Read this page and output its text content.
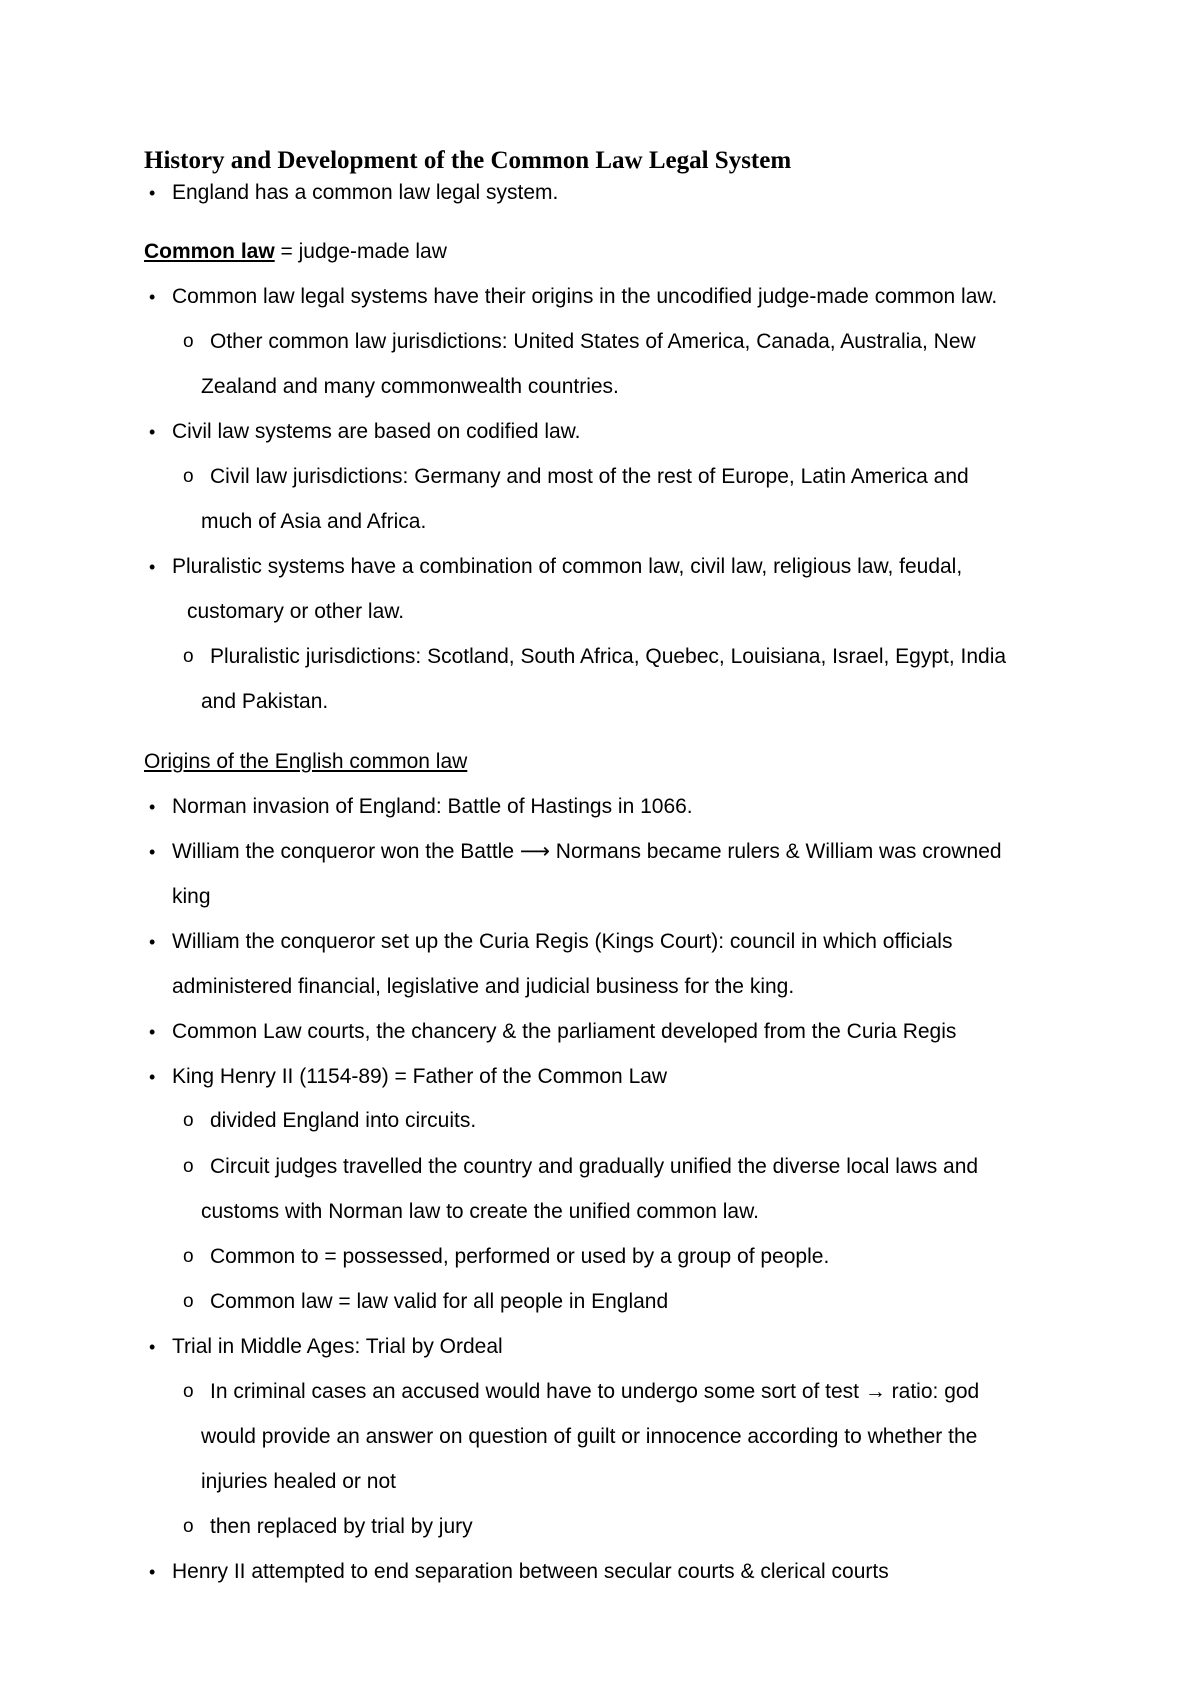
History and Development of the Common Law Legal System

• England has a common law legal system.

Common law = judge-made law

• Common law legal systems have their origins in the uncodified judge-made common law.

o Other common law jurisdictions: United States of America, Canada, Australia, New

Zealand and many commonwealth countries.

• Civil law systems are based on codified law.

o Civil law jurisdictions: Germany and most of the rest of Europe, Latin America and

much of Asia and Africa.

• Pluralistic systems have a combination of common law, civil law, religious law, feudal,

customary or other law.

o Pluralistic jurisdictions: Scotland, South Africa, Quebec, Louisiana, Israel, Egypt, India

and Pakistan.

Origins of the English common law

• Norman invasion of England: Battle of Hastings in 1066.

• William the conqueror won the Battle ⟶ Normans became rulers & William was crowned

king

• William the conqueror set up the Curia Regis (Kings Court): council in which officials

administered financial, legislative and judicial business for the king.

• Common Law courts, the chancery & the parliament developed from the Curia Regis

• King Henry II (1154-89) = Father of the Common Law

o divided England into circuits.

o Circuit judges travelled the country and gradually unified the diverse local laws and

customs with Norman law to create the unified common law.

o Common to = possessed, performed or used by a group of people.

o Common law = law valid for all people in England

• Trial in Middle Ages: Trial by Ordeal

o In criminal cases an accused would have to undergo some sort of test → ratio: god

would provide an answer on question of guilt or innocence according to whether the

injuries healed or not

o then replaced by trial by jury

• Henry II attempted to end separation between secular courts & clerical courts
